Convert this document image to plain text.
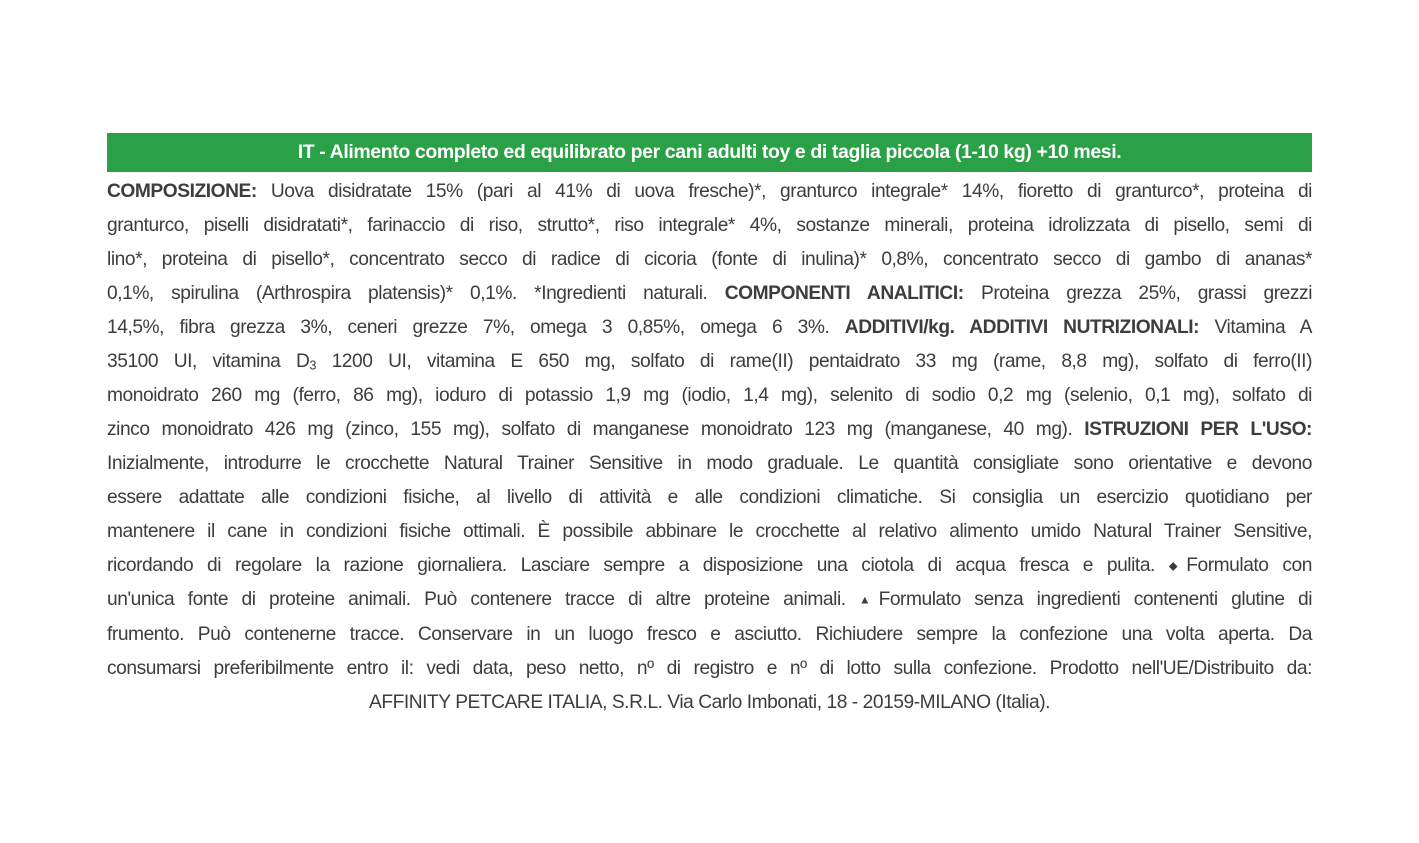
IT - Alimento completo ed equilibrato per cani adulti toy e di taglia piccola (1-10 kg) +10 mesi.
COMPOSIZIONE: Uova disidratate 15% (pari al 41% di uova fresche)*, granturco integrale* 14%, fioretto di granturco*, proteina di
granturco, piselli disidratati*, farinaccio di riso, strutto*, riso integrale* 4%, sostanze minerali, proteina idrolizzata di pisello, semi di
lino*, proteina di pisello*, concentrato secco di radice di cicoria (fonte di inulina)* 0,8%, concentrato secco di gambo di ananas*
0,1%, spirulina (Arthrospira platensis)* 0,1%. *Ingredienti naturali. COMPONENTI ANALITICI: Proteina grezza 25%, grassi grezzi
14,5%, fibra grezza 3%, ceneri grezze 7%, omega 3 0,85%, omega 6 3%. ADDITIVI/kg. ADDITIVI NUTRIZIONALI: Vitamina A
35100 UI, vitamina $D_3$ 1200 UI, vitamina E 650 mg, solfato di rame(II) pentaidrato 33 mg (rame, 8,8 mg), solfato di ferro(II)
monoidrato 260 mg (ferro, 86 mg), ioduro di potassio 1,9 mg (iodio, 1,4 mg), selenito di sodio 0,2 mg (selenio, 0,1 mg), solfato di
zinco monoidrato 426 mg (zinco, 155 mg), solfato di manganese monoidrato 123 mg (manganese, 40 mg). ISTRUZIONI PER L'USO:
Inizialmente, introdurre le crocchette Natural Trainer Sensitive in modo graduale. Le quantità consigliate sono orientative e devono
essere adattate alle condizioni fisiche, al livello di attività e alle condizioni climatiche. Si consiglia un esercizio quotidiano per
mantenere il cane in condizioni fisiche ottimali. È possibile abbinare le crocchette al relativo alimento umido Natural Trainer Sensitive,
ricordando di regolare la razione giornaliera. Lasciare sempre a disposizione una ciotola di acqua fresca e pulita. ◆Formulato con
un'unica fonte di proteine animali. Può contenere tracce di altre proteine animali. ▲Formulato senza ingredienti contenenti glutine di
frumento. Può contenerne tracce. Conservare in un luogo fresco e asciutto. Richiudere sempre la confezione una volta aperta. Da
consumarsi preferibilmente entro il: vedi data, peso netto, nº di registro e nº di lotto sulla confezione. Prodotto nell'UE/Distribuito da:
AFFINITY PETCARE ITALIA, S.R.L. Via Carlo Imbonati, 18 - 20159-MILANO (Italia).
